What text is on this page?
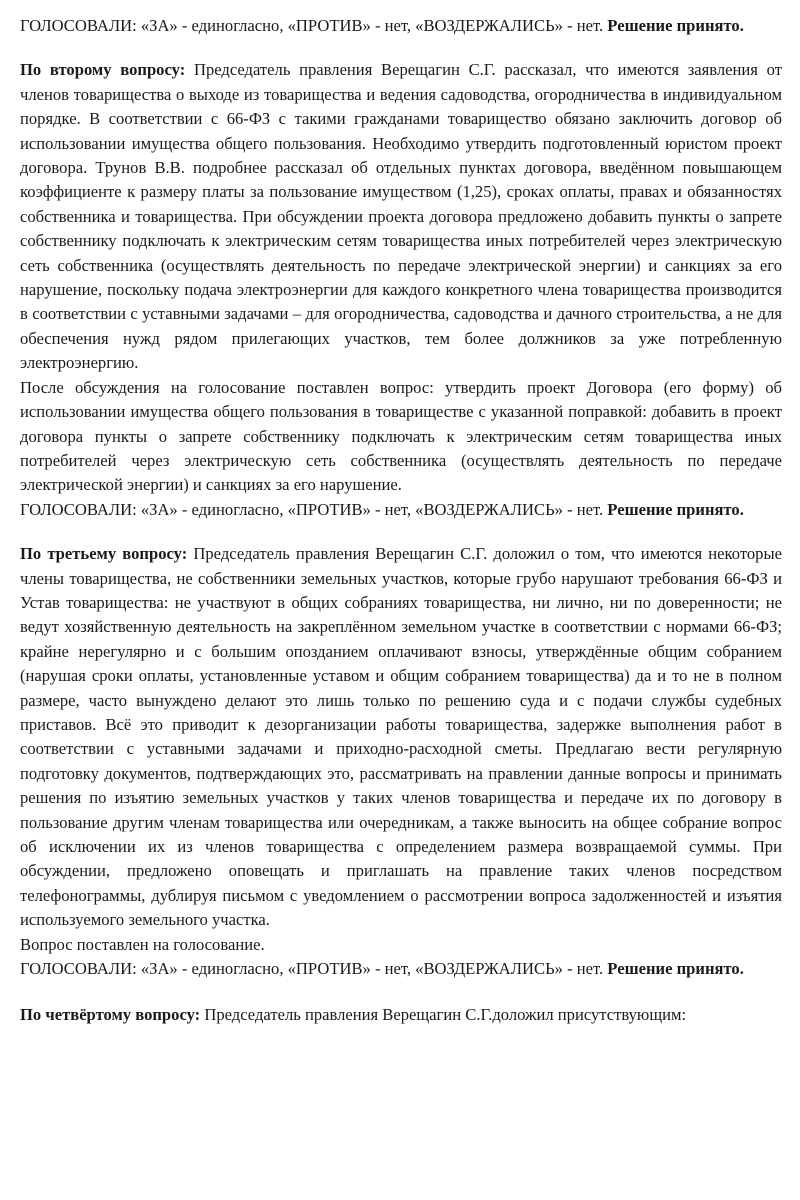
ГОЛОСОВАЛИ: «ЗА» - единогласно, «ПРОТИВ» - нет, «ВОЗДЕРЖАЛИСЬ» - нет. Решение принято.

По второму вопросу: Председатель правления Верещагин С.Г. рассказал, что имеются заявления от членов товарищества о выходе из товарищества и ведения садоводства, огородничества в индивидуальном порядке. В соответствии с 66-ФЗ с такими гражданами товарищество обязано заключить договор об использовании имущества общего пользования. Необходимо утвердить подготовленный юристом проект договора. Трунов В.В. подробнее рассказал об отдельных пунктах договора, введённом повышающем коэффициенте к размеру платы за пользование имуществом (1,25), сроках оплаты, правах и обязанностях собственника и товарищества. При обсуждении проекта договора предложено добавить пункты о запрете собственнику подключать к электрическим сетям товарищества иных потребителей через электрическую сеть собственника (осуществлять деятельность по передаче электрической энергии) и санкциях за его нарушение, поскольку подача электроэнергии для каждого конкретного члена товарищества производится в соответствии с уставными задачами – для огородничества, садоводства и дачного строительства, а не для обеспечения нужд рядом прилегающих участков, тем более должников за уже потребленную электроэнергию.

После обсуждения на голосование поставлен вопрос: утвердить проект Договора (его форму) об использовании имущества общего пользования в товариществе с указанной поправкой: добавить в проект договора пункты о запрете собственнику подключать к электрическим сетям товарищества иных потребителей через электрическую сеть собственника (осуществлять деятельность по передаче электрической энергии) и санкциях за его нарушение.

ГОЛОСОВАЛИ: «ЗА» - единогласно, «ПРОТИВ» - нет, «ВОЗДЕРЖАЛИСЬ» - нет. Решение принято.

По третьему вопросу: Председатель правления Верещагин С.Г. доложил о том, что имеются некоторые члены товарищества, не собственники земельных участков, которые грубо нарушают требования 66-ФЗ и Устав товарищества: не участвуют в общих собраниях товарищества, ни лично, ни по доверенности; не ведут хозяйственную деятельность на закреплённом земельном участке в соответствии с нормами 66-ФЗ; крайне нерегулярно и с большим опозданием оплачивают взносы, утверждённые общим собранием (нарушая сроки оплаты, установленные уставом и общим собранием товарищества) да и то не в полном размере, часто вынуждено делают это лишь только по решению суда и с подачи службы судебных приставов. Всё это приводит к дезорганизации работы товарищества, задержке выполнения работ в соответствии с уставными задачами и приходно-расходной сметы. Предлагаю вести регулярную подготовку документов, подтверждающих это, рассматривать на правлении данные вопросы и принимать решения по изъятию земельных участков у таких членов товарищества и передаче их по договору в пользование другим членам товарищества или очередникам, а также выносить на общее собрание вопрос об исключении их из членов товарищества с определением размера возвращаемой суммы. При обсуждении, предложено оповещать и приглашать на правление таких членов посредством телефонограммы, дублируя письмом с уведомлением о рассмотрении вопроса задолженностей и изъятия используемого земельного участка.

Вопрос поставлен на голосование.

ГОЛОСОВАЛИ: «ЗА» - единогласно, «ПРОТИВ» - нет, «ВОЗДЕРЖАЛИСЬ» - нет. Решение принято.

По четвёртому вопросу: Председатель правления Верещагин С.Г.доложил присутствующим:
